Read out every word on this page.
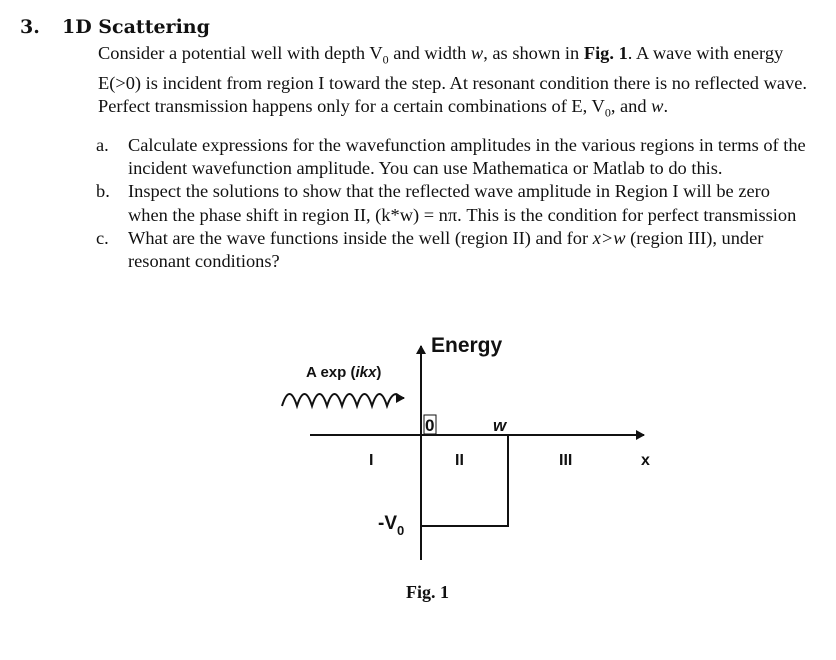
3. 1D Scattering
Consider a potential well with depth $V_0$ and width w, as shown in Fig. 1. A wave with energy E(>0) is incident from region I toward the step. At resonant condition there is no reflected wave. Perfect transmission happens only for a certain combinations of E, $V_0$, and w.
a. Calculate expressions for the wavefunction amplitudes in the various regions in terms of the incident wavefunction amplitude. You can use Mathematica or Matlab to do this.
b. Inspect the solutions to show that the reflected wave amplitude in Region I will be zero when the phase shift in region II, (k*w) = nπ. This is the condition for perfect transmission
c. What are the wave functions inside the well (region II) and for x>w (region III), under resonant conditions?
Energy
A exp (ikx)
0	w
I	II	III	x
$-V_0$
Fig. 1
